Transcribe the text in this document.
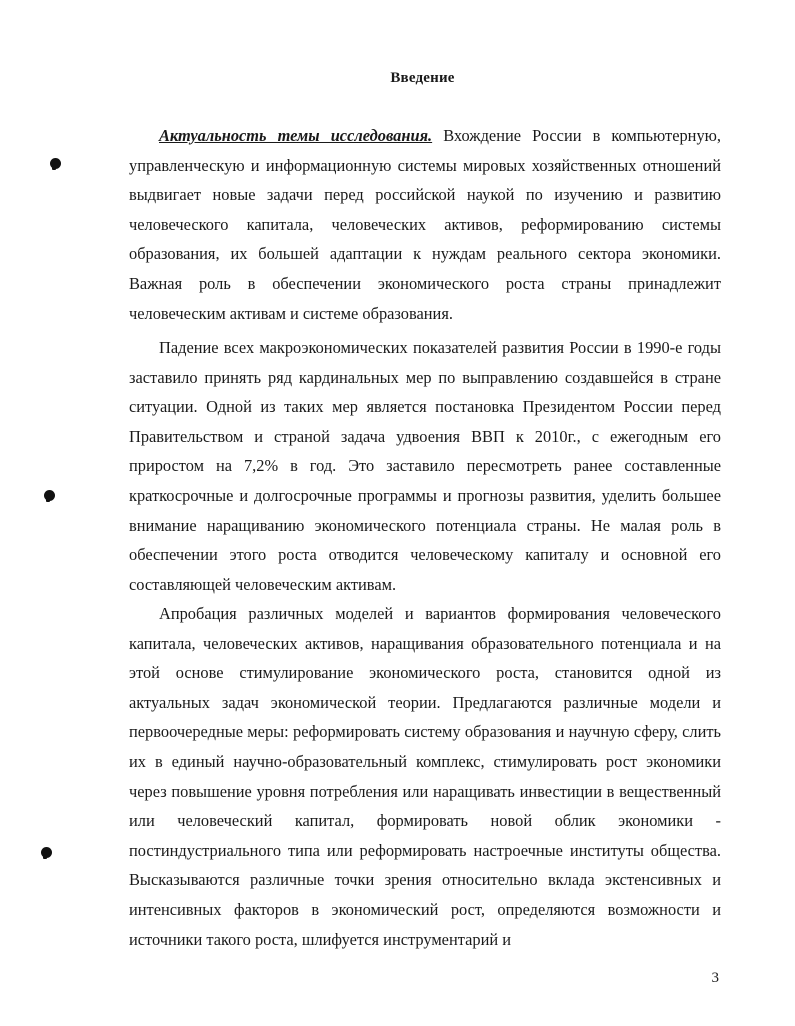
Введение

Актуальность темы исследования. Вхождение России в компьютерную, управленческую и информационную системы мировых хозяйственных отношений выдвигает новые задачи перед российской наукой по изучению и развитию человеческого капитала, человеческих активов, реформированию системы образования, их большей адаптации к нуждам реального сектора экономики. Важная роль в обеспечении экономического роста страны принадлежит человеческим активам и системе образования.

Падение всех макроэкономических показателей развития России в 1990-е годы заставило принять ряд кардинальных мер по выправлению создавшейся в стране ситуации. Одной из таких мер является постановка Президентом России перед Правительством и страной задача удвоения ВВП к 2010г., с ежегодным его приростом на 7,2% в год. Это заставило пересмотреть ранее составленные краткосрочные и долгосрочные программы и прогнозы развития, уделить большее внимание наращиванию экономического потенциала страны. Не малая роль в обеспечении этого роста отводится человеческому капиталу и основной его составляющей человеческим активам.

Апробация различных моделей и вариантов формирования человеческого капитала, человеческих активов, наращивания образовательного потенциала и на этой основе стимулирование экономического роста, становится одной из актуальных задач экономической теории. Предлагаются различные модели и первоочередные меры: реформировать систему образования и научную сферу, слить их в единый научно-образовательный комплекс, стимулировать рост экономики через повышение уровня потребления или наращивать инвестиции в вещественный или человеческий капитал, формировать новой облик экономики - постиндустриального типа или реформировать настроечные институты общества. Высказываются различные точки зрения относительно вклада экстенсивных и интенсивных факторов в экономический рост, определяются возможности и источники такого роста, шлифуется инструментарий и

3
